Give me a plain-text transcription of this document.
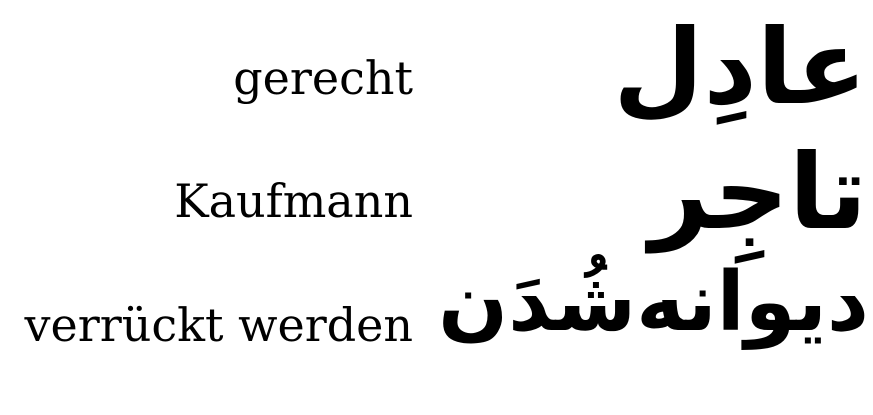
gerecht عادِل
Kaufmann تاجِر
verrückt werden دیوانه‌شُدَن
